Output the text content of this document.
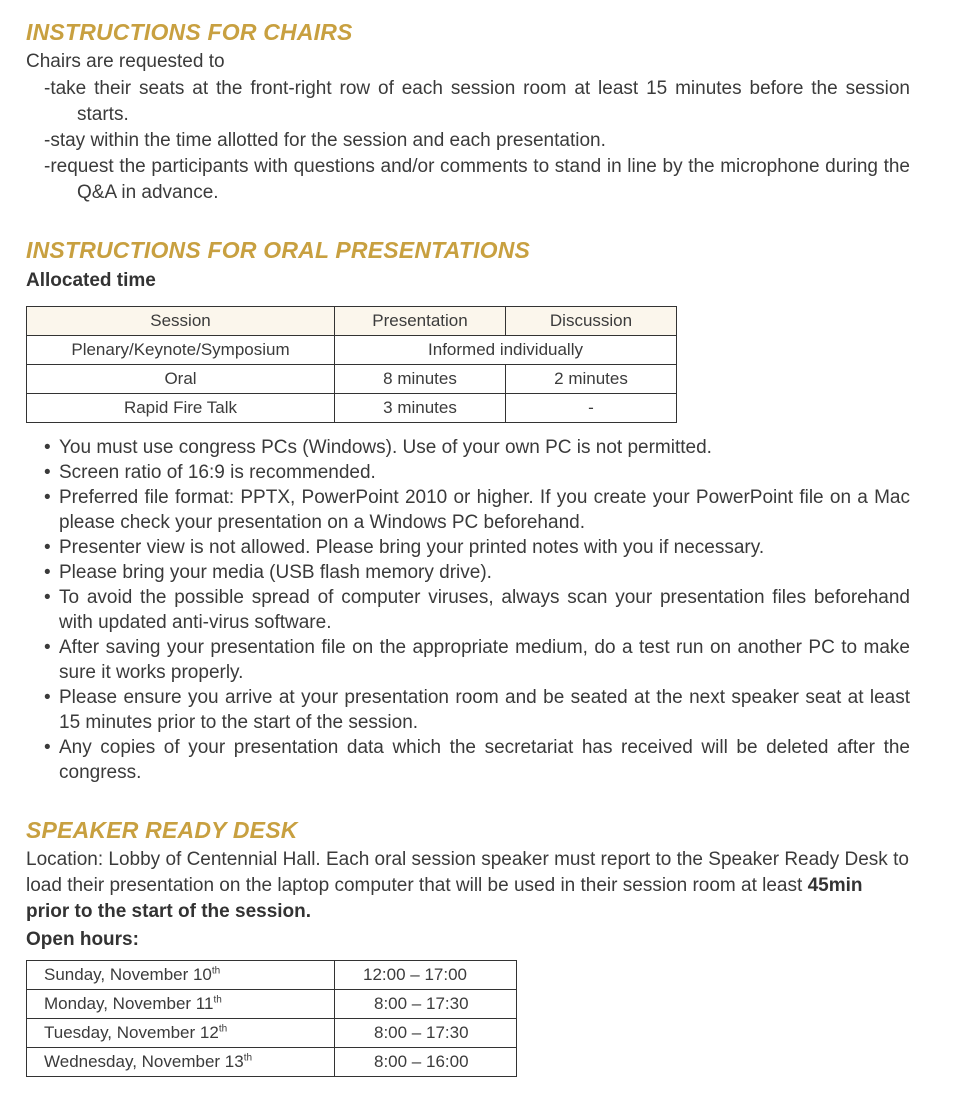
INSTRUCTIONS FOR CHAIRS
Chairs are requested to
-take their seats at the front-right row of each session room at least 15 minutes before the session starts.
-stay within the time allotted for the session and each presentation.
-request the participants with questions and/or comments to stand in line by the microphone during the Q&A in advance.
INSTRUCTIONS FOR ORAL PRESENTATIONS
Allocated time
Session	Presentation	Discussion
Plenary/Keynote/Symposium	Informed individually	
Oral	8 minutes	2 minutes
Rapid Fire Talk	3 minutes	-
• You must use congress PCs (Windows). Use of your own PC is not permitted.
• Screen ratio of 16:9 is recommended.
• Preferred file format: PPTX, PowerPoint 2010 or higher. If you create your PowerPoint file on a Mac please check your presentation on a Windows PC beforehand.
• Presenter view is not allowed. Please bring your printed notes with you if necessary.
• Please bring your media (USB flash memory drive).
• To avoid the possible spread of computer viruses, always scan your presentation files beforehand with updated anti-virus software.
• After saving your presentation file on the appropriate medium, do a test run on another PC to make sure it works properly.
• Please ensure you arrive at your presentation room and be seated at the next speaker seat at least 15 minutes prior to the start of the session.
• Any copies of your presentation data which the secretariat has received will be deleted after the congress.
SPEAKER READY DESK
Location: Lobby of Centennial Hall. Each oral session speaker must report to the Speaker Ready Desk to load their presentation on the laptop computer that will be used in their session room at least 45min prior to the start of the session.
Open hours:
Sunday, November 10th	12:00 – 17:00
Monday, November 11th	8:00 – 17:30
Tuesday, November 12th	8:00 – 17:30
Wednesday, November 13th	8:00 – 16:00
